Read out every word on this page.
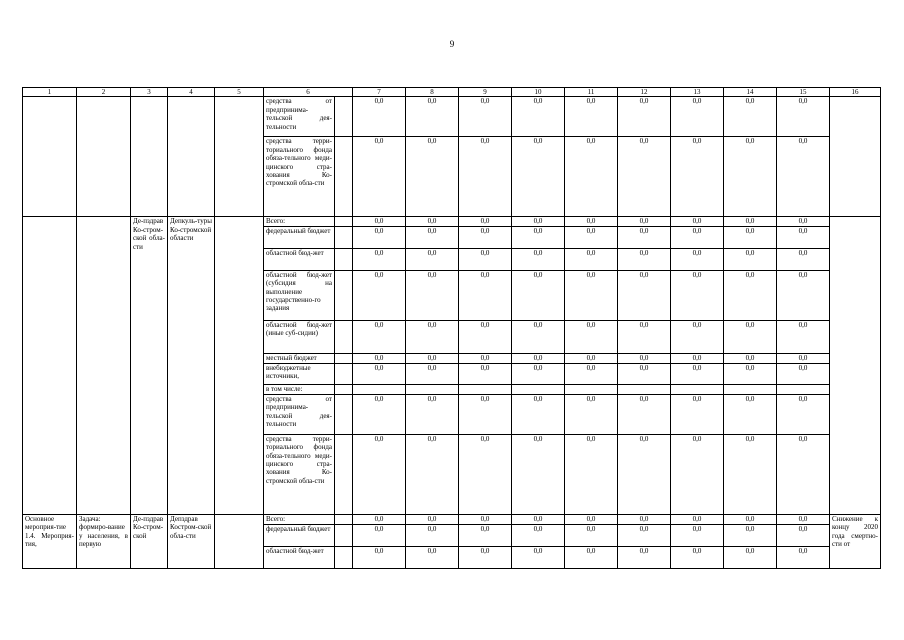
9
1	2	3	4	5	6		7	8	9	10	11	12	13	14	15	16
					средства от предпринима-тельской дея-тельности		0,0	0,0	0,0	0,0	0,0	0,0	0,0	0,0	0,0	
					средства терри-ториального фонда обяза-тельного меди-цинского стра-хования Ко-стромской обла-сти		0,0	0,0	0,0	0,0	0,0	0,0	0,0	0,0	0,0	
		Де-пздрав Ко-стром-ской обла-сти	Депкуль-туры Ко-стромской области		Всего:		0,0	0,0	0,0	0,0	0,0	0,0	0,0	0,0	0,0	
					федеральный бюджет		0,0	0,0	0,0	0,0	0,0	0,0	0,0	0,0	0,0	
					областной бюд-жет		0,0	0,0	0,0	0,0	0,0	0,0	0,0	0,0	0,0	
					областной бюд-жет (субсидия на выполнение государственно-го задания		0,0	0,0	0,0	0,0	0,0	0,0	0,0	0,0	0,0	
					областной бюд-жет (иные суб-сидии)		0,0	0,0	0,0	0,0	0,0	0,0	0,0	0,0	0,0	
					местный бюджет		0,0	0,0	0,0	0,0	0,0	0,0	0,0	0,0	0,0	
					внебюджетные источники,		0,0	0,0	0,0	0,0	0,0	0,0	0,0	0,0	0,0	
					в том числе:											
					средства от предпринима-тельской дея-тельности		0,0	0,0	0,0	0,0	0,0	0,0	0,0	0,0	0,0	
					средства терри-ториального фонда обяза-тельного меди-цинского стра-хования Ко-стромской обла-сти		0,0	0,0	0,0	0,0	0,0	0,0	0,0	0,0	0,0	
Основное мероприя-тие 1.4. Мероприя-тия,	Задача: формиро-вание у населения, в первую	Де-пздрав Ко-стром-ской	Депздрав Костром-ской обла-сти		Всего:		0,0	0,0	0,0	0,0	0,0	0,0	0,0	0,0	0,0	Снижение к концу 2020 года смертно-сти от
					федеральный бюджет		0,0	0,0	0,0	0,0	0,0	0,0	0,0	0,0	0,0	
					областной бюд-жет		0,0	0,0	0,0	0,0	0,0	0,0	0,0	0,0	0,0	
